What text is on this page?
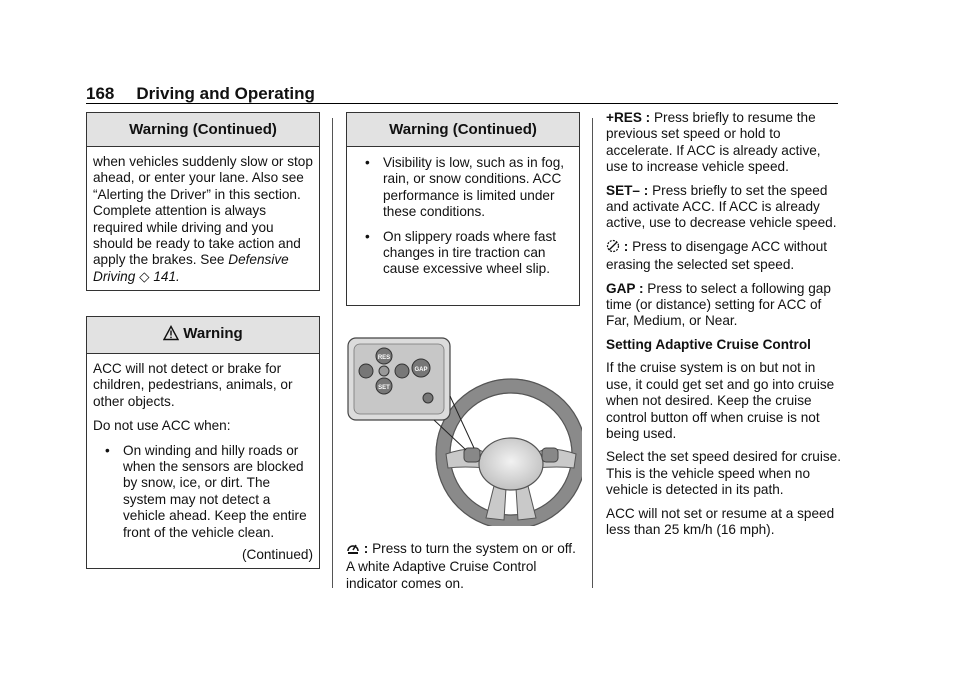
168 Driving and Operating
Warning (Continued)
when vehicles suddenly slow or stop ahead, or enter your lane. Also see “Alerting the Driver” in this section. Complete attention is always required while driving and you should be ready to take action and apply the brakes. See Defensive Driving ◇ 141.
Warning

ACC will not detect or brake for children, pedestrians, animals, or other objects.

Do not use ACC when:

• On winding and hilly roads or when the sensors are blocked by snow, ice, or dirt. The system may not detect a vehicle ahead. Keep the entire front of the vehicle clean.
(Continued)
Warning (Continued)
• Visibility is low, such as in fog, rain, or snow conditions. ACC performance is limited under these conditions.
• On slippery roads where fast changes in tire traction can cause excessive wheel slip.
RES
SET
GAP
: Press to turn the system on or off. A white Adaptive Cruise Control indicator comes on.

+RES : Press briefly to resume the previous set speed or hold to accelerate. If ACC is already active, use to increase vehicle speed.

SET– : Press briefly to set the speed and activate ACC. If ACC is already active, use to decrease vehicle speed.

: Press to disengage ACC without erasing the selected set speed.

GAP : Press to select a following gap time (or distance) setting for ACC of Far, Medium, or Near.

Setting Adaptive Cruise Control

If the cruise system is on but not in use, it could get set and go into cruise when not desired. Keep the cruise control button off when cruise is not being used.

Select the set speed desired for cruise. This is the vehicle speed when no vehicle is detected in its path.

ACC will not set or resume at a speed less than 25 km/h (16 mph).
